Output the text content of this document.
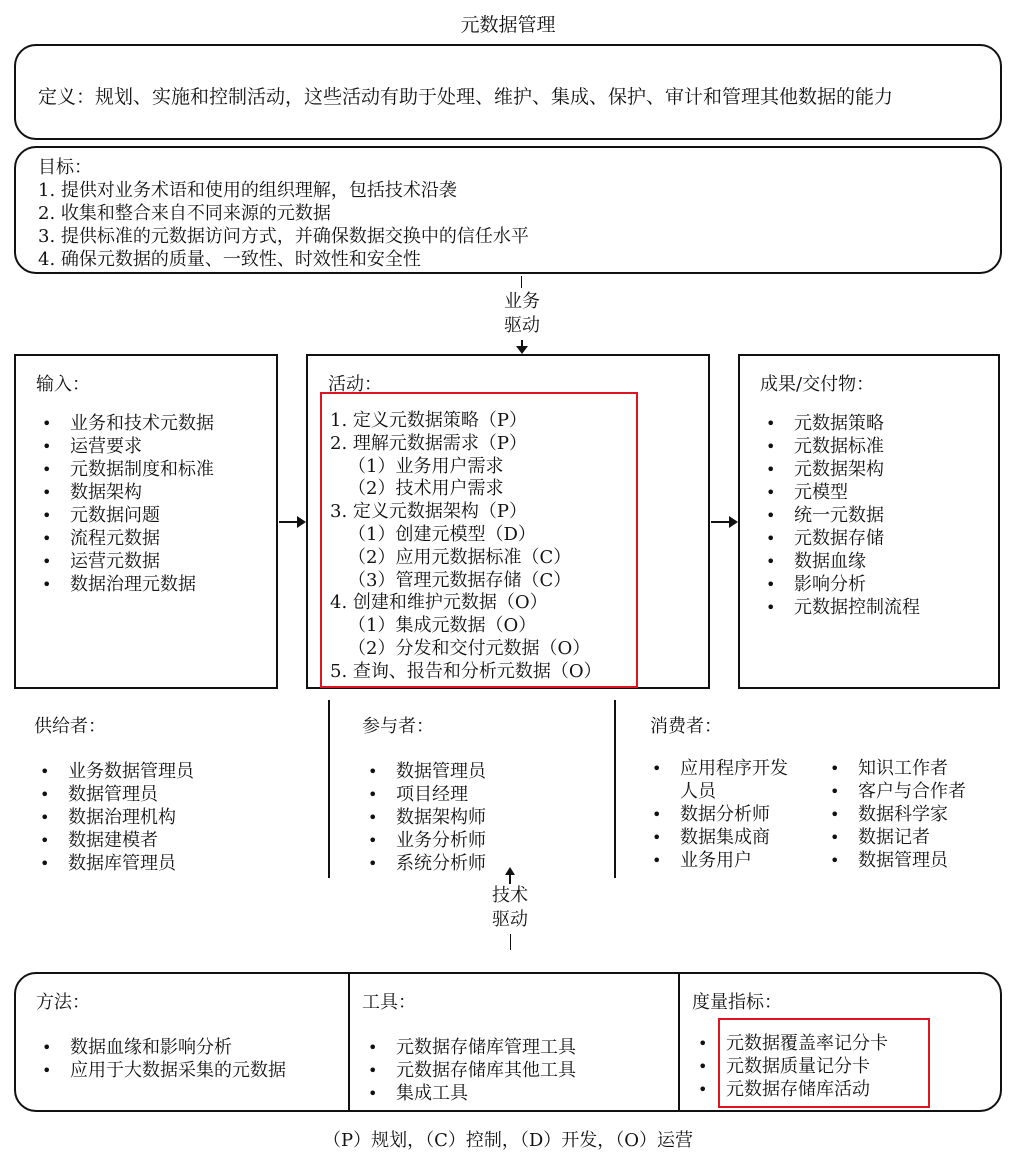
元数据管理
定义：规划、实施和控制活动，这些活动有助于处理、维护、集成、保护、审计和管理其他数据的能力
目标：
1. 提供对业务术语和使用的组织理解，包括技术沿袭
2. 收集和整合来自不同来源的元数据
3. 提供标准的元数据访问方式，并确保数据交换中的信任水平
4. 确保元数据的质量、一致性、时效性和安全性
业务
驱动
输入：
• 业务和技术元数据
• 运营要求
• 元数据制度和标准
• 数据架构
• 元数据问题
• 流程元数据
• 运营元数据
• 数据治理元数据
活动：
1. 定义元数据策略（P）
2. 理解元数据需求（P）
（1）业务用户需求
（2）技术用户需求
3. 定义元数据架构（P）
（1）创建元模型（D）
（2）应用元数据标准（C）
（3）管理元数据存储（C）
4. 创建和维护元数据（O）
（1）集成元数据（O）
（2）分发和交付元数据（O）
5. 查询、报告和分析元数据（O）
成果/交付物：
• 元数据策略
• 元数据标准
• 元数据架构
• 元模型
• 统一元数据
• 元数据存储
• 数据血缘
• 影响分析
• 元数据控制流程
供给者：
• 业务数据管理员
• 数据管理员
• 数据治理机构
• 数据建模者
• 数据库管理员
参与者：
• 数据管理员
• 项目经理
• 数据架构师
• 业务分析师
• 系统分析师
消费者：
• 应用程序开发
人员
• 数据分析师
• 数据集成商
• 业务用户
• 知识工作者
• 客户与合作者
• 数据科学家
• 数据记者
• 数据管理员
技术
驱动
方法：
• 数据血缘和影响分析
• 应用于大数据采集的元数据
工具：
• 元数据存储库管理工具
• 元数据存储库其他工具
• 集成工具
度量指标：
• 元数据覆盖率记分卡
• 元数据质量记分卡
• 元数据存储库活动
（P）规划，（C）控制，（D）开发，（O）运营
